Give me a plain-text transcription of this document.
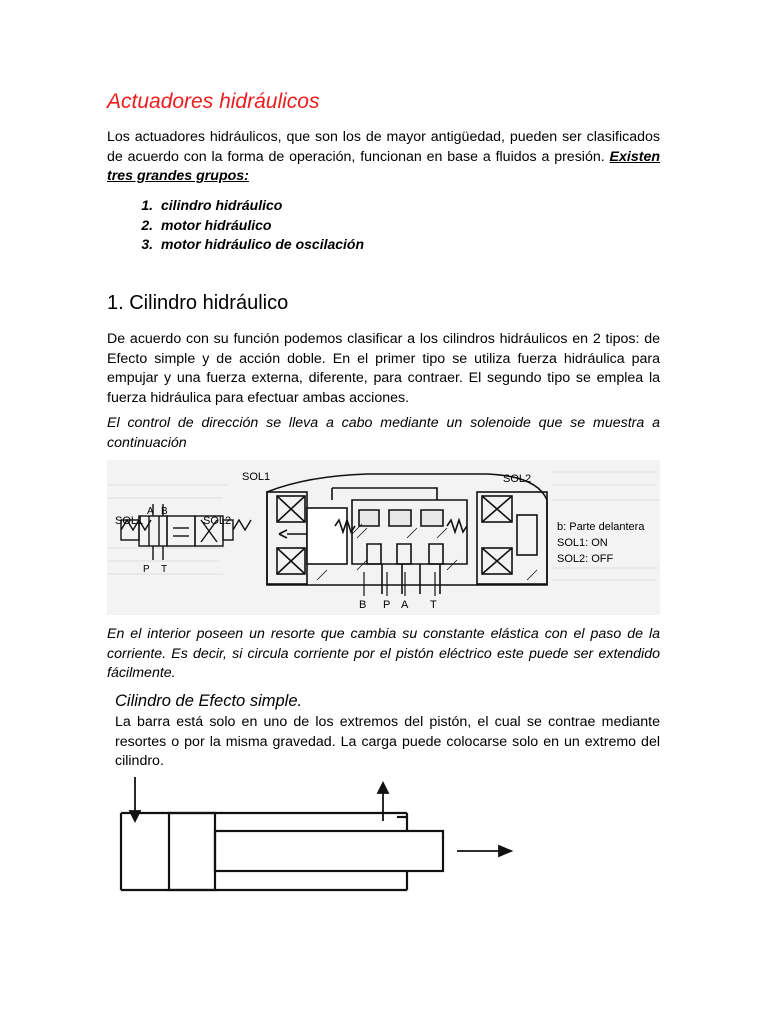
Actuadores hidráulicos

Los actuadores hidráulicos, que son los de mayor antigüedad, pueden ser clasificados de acuerdo con la forma de operación, funcionan en base a fluidos a presión. Existen tres grandes grupos:

1. cilindro hidráulico
2. motor hidráulico
3. motor hidráulico de oscilación
1. Cilindro hidráulico

De acuerdo con su función podemos clasificar a los cilindros hidráulicos en 2 tipos: de Efecto simple y de acción doble. En el primer tipo se utiliza fuerza hidráulica para empujar y una fuerza externa, diferente, para contraer. El segundo tipo se emplea la fuerza hidráulica para efectuar ambas acciones.

El control de dirección se lleva a cabo mediante un solenoide que se muestra a continuación

SOL1	SOL2
A B
P T
SOL1	SOL2
B P A T
b: Parte delantera
SOL1: ON
SOL2: OFF

En el interior poseen un resorte que cambia su constante elástica con el paso de la corriente. Es decir, si circula corriente por el pistón eléctrico este puede ser extendido fácilmente.

Cilindro de Efecto simple.

La barra está solo en uno de los extremos del pistón, el cual se contrae mediante resortes o por la misma gravedad. La carga puede colocarse solo en un extremo del cilindro.
